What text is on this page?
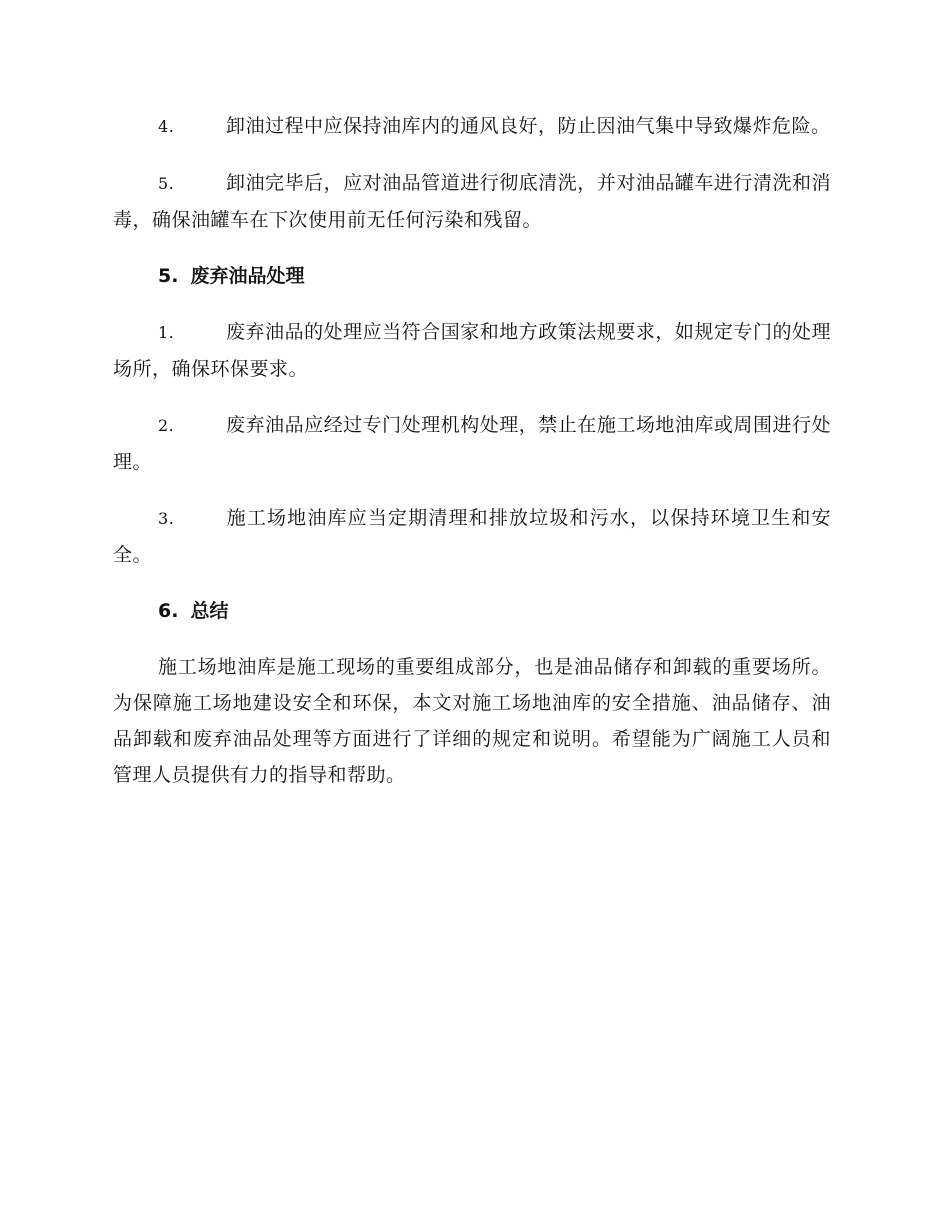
4.	卸油过程中应保持油库内的通风良好，防止因油气集中导致爆炸危险。

5.	卸油完毕后，应对油品管道进行彻底清洗，并对油品罐车进行清洗和消毒，确保油罐车在下次使用前无任何污染和残留。

5. 废弃油品处理

1.	废弃油品的处理应当符合国家和地方政策法规要求，如规定专门的处理场所，确保环保要求。

2.	废弃油品应经过专门处理机构处理，禁止在施工场地油库或周围进行处理。

3.	施工场地油库应当定期清理和排放垃圾和污水，以保持环境卫生和安全。

6. 总结

施工场地油库是施工现场的重要组成部分，也是油品储存和卸载的重要场所。为保障施工场地建设安全和环保，本文对施工场地油库的安全措施、油品储存、油品卸载和废弃油品处理等方面进行了详细的规定和说明。希望能为广阔施工人员和管理人员提供有力的指导和帮助。
